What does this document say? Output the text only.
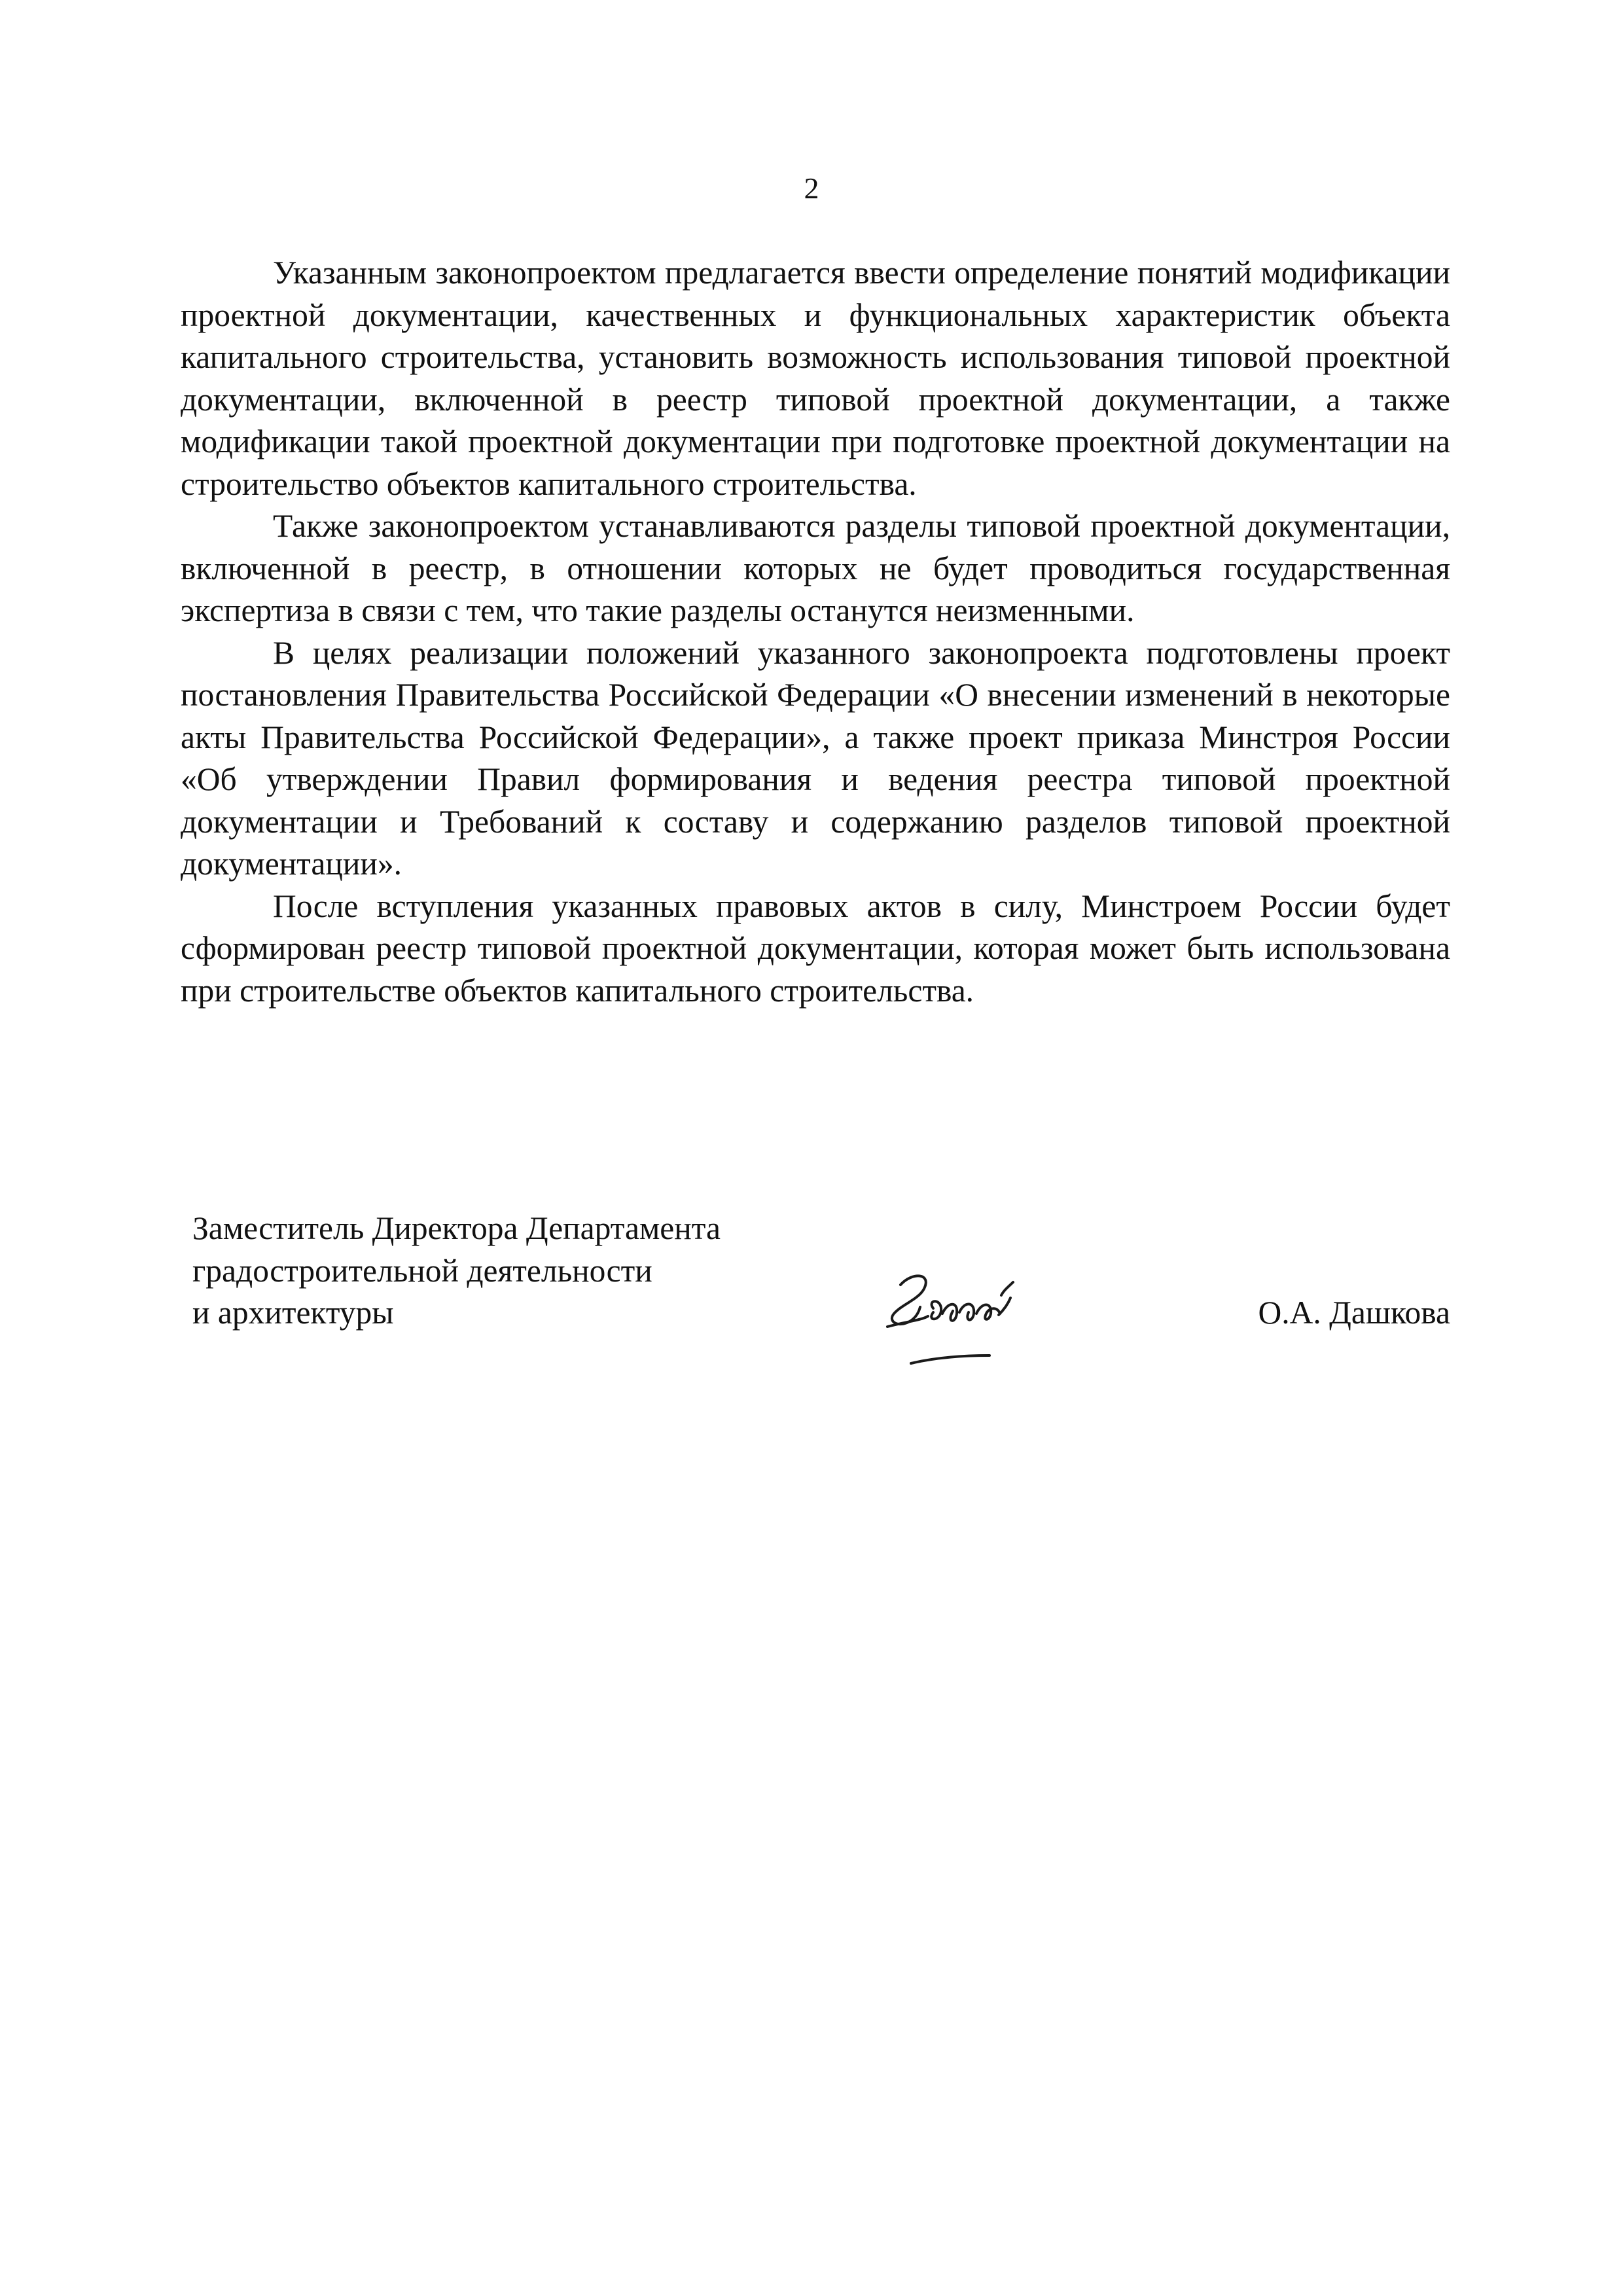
2

Указанным законопроектом предлагается ввести определение понятий модификации проектной документации, качественных и функциональных характеристик объекта капитального строительства, установить возможность использования типовой проектной документации, включенной в реестр типовой проектной документации, а также модификации такой проектной документации при подготовке проектной документации на строительство объектов капитального строительства.

Также законопроектом устанавливаются разделы типовой проектной документации, включенной в реестр, в отношении которых не будет проводиться государственная экспертиза в связи с тем, что такие разделы останутся неизменными.

В целях реализации положений указанного законопроекта подготовлены проект постановления Правительства Российской Федерации «О внесении изменений в некоторые акты Правительства Российской Федерации», а также проект приказа Минстроя России «Об утверждении Правил формирования и ведения реестра типовой проектной документации и Требований к составу и содержанию разделов типовой проектной документации».

После вступления указанных правовых актов в силу, Минстроем России будет сформирован реестр типовой проектной документации, которая может быть использована при строительстве объектов капитального строительства.

Заместитель Директора Департамента
градостроительной деятельности
и архитектуры	О.А. Дашкова
